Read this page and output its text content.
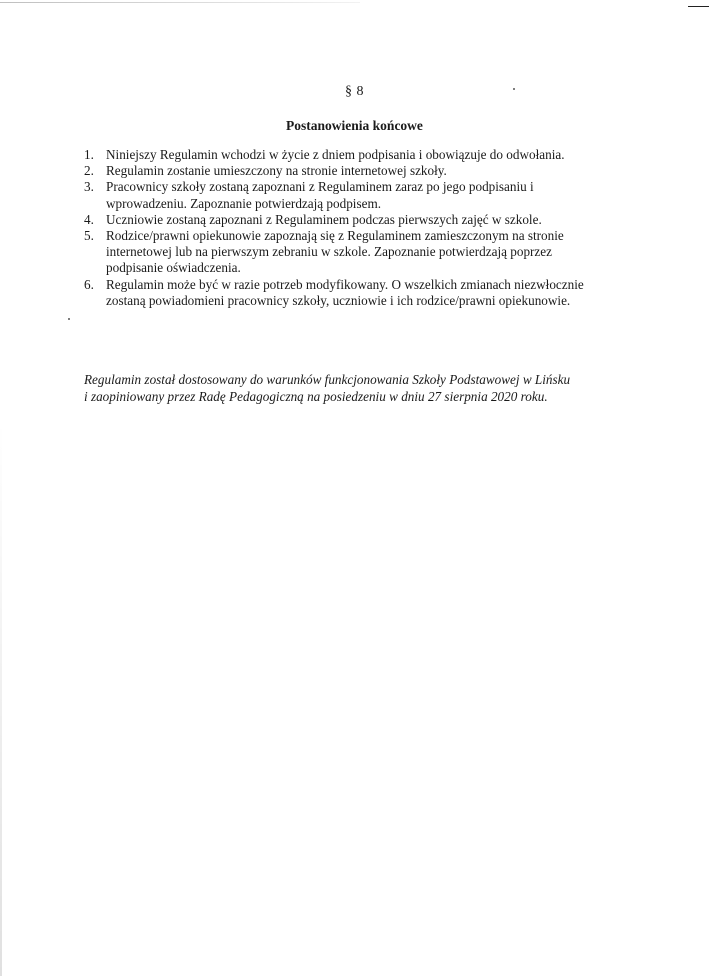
§ 8
Postanowienia końcowe
1. Niniejszy Regulamin wchodzi w życie z dniem podpisania i obowiązuje do odwołania.
2. Regulamin zostanie umieszczony na stronie internetowej szkoły.
3. Pracownicy szkoły zostaną zapoznani z Regulaminem zaraz po jego podpisaniu i wprowadzeniu. Zapoznanie potwierdzają podpisem.
4. Uczniowie zostaną zapoznani z Regulaminem podczas pierwszych zajęć w szkole.
5. Rodzice/prawni opiekunowie zapoznają się z Regulaminem zamieszczonym na stronie internetowej lub na pierwszym zebraniu w szkole. Zapoznanie potwierdzają poprzez podpisanie oświadczenia.
6. Regulamin może być w razie potrzeb modyfikowany. O wszelkich zmianach niezwłocznie zostaną powiadomieni pracownicy szkoły, uczniowie i ich rodzice/prawni opiekunowie.
Regulamin został dostosowany do warunków funkcjonowania Szkoły Podstawowej w Lińsku
i zaopiniowany przez Radę Pedagogiczną na posiedzeniu w dniu 27 sierpnia 2020 roku.
